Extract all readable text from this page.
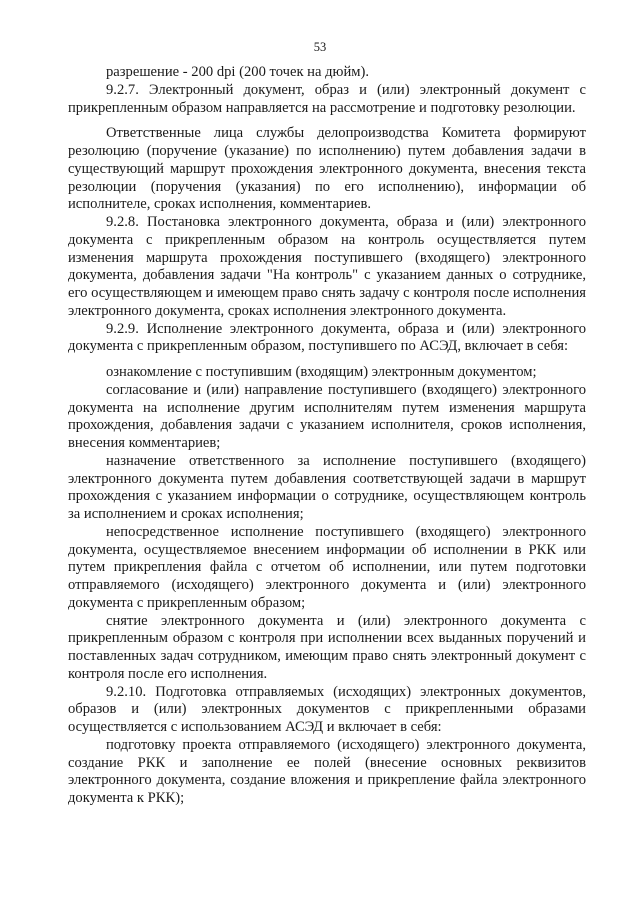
53

разрешение - 200 dpi (200 точек на дюйм).

9.2.7. Электронный документ, образ и (или) электронный документ с прикрепленным образом направляется на рассмотрение и подготовку резолюции.

Ответственные лица службы делопроизводства Комитета формируют резолюцию (поручение (указание) по исполнению) путем добавления задачи в существующий маршрут прохождения электронного документа, внесения текста резолюции (поручения (указания) по его исполнению), информации об исполнителе, сроках исполнения, комментариев.

9.2.8. Постановка электронного документа, образа и (или) электронного документа с прикрепленным образом на контроль осуществляется путем изменения маршрута прохождения поступившего (входящего) электронного документа, добавления задачи "На контроль" с указанием данных о сотруднике, его осуществляющем и имеющем право снять задачу с контроля после исполнения электронного документа, сроках исполнения электронного документа.

9.2.9. Исполнение электронного документа, образа и (или) электронного документа с прикрепленным образом, поступившего по АСЭД, включает в себя:

ознакомление с поступившим (входящим) электронным документом;

согласование и (или) направление поступившего (входящего) электронного документа на исполнение другим исполнителям путем изменения маршрута прохождения, добавления задачи с указанием исполнителя, сроков исполнения, внесения комментариев;

назначение ответственного за исполнение поступившего (входящего) электронного документа путем добавления соответствующей задачи в маршрут прохождения с указанием информации о сотруднике, осуществляющем контроль за исполнением и сроках исполнения;

непосредственное исполнение поступившего (входящего) электронного документа, осуществляемое внесением информации об исполнении в РКК или путем прикрепления файла с отчетом об исполнении, или путем подготовки отправляемого (исходящего) электронного документа и (или) электронного документа с прикрепленным образом;

снятие электронного документа и (или) электронного документа с прикрепленным образом с контроля при исполнении всех выданных поручений и поставленных задач сотрудником, имеющим право снять электронный документ с контроля после его исполнения.

9.2.10. Подготовка отправляемых (исходящих) электронных документов, образов и (или) электронных документов с прикрепленными образами осуществляется с использованием АСЭД и включает в себя:

подготовку проекта отправляемого (исходящего) электронного документа, создание РКК и заполнение ее полей (внесение основных реквизитов электронного документа, создание вложения и прикрепление файла электронного документа к РКК);
